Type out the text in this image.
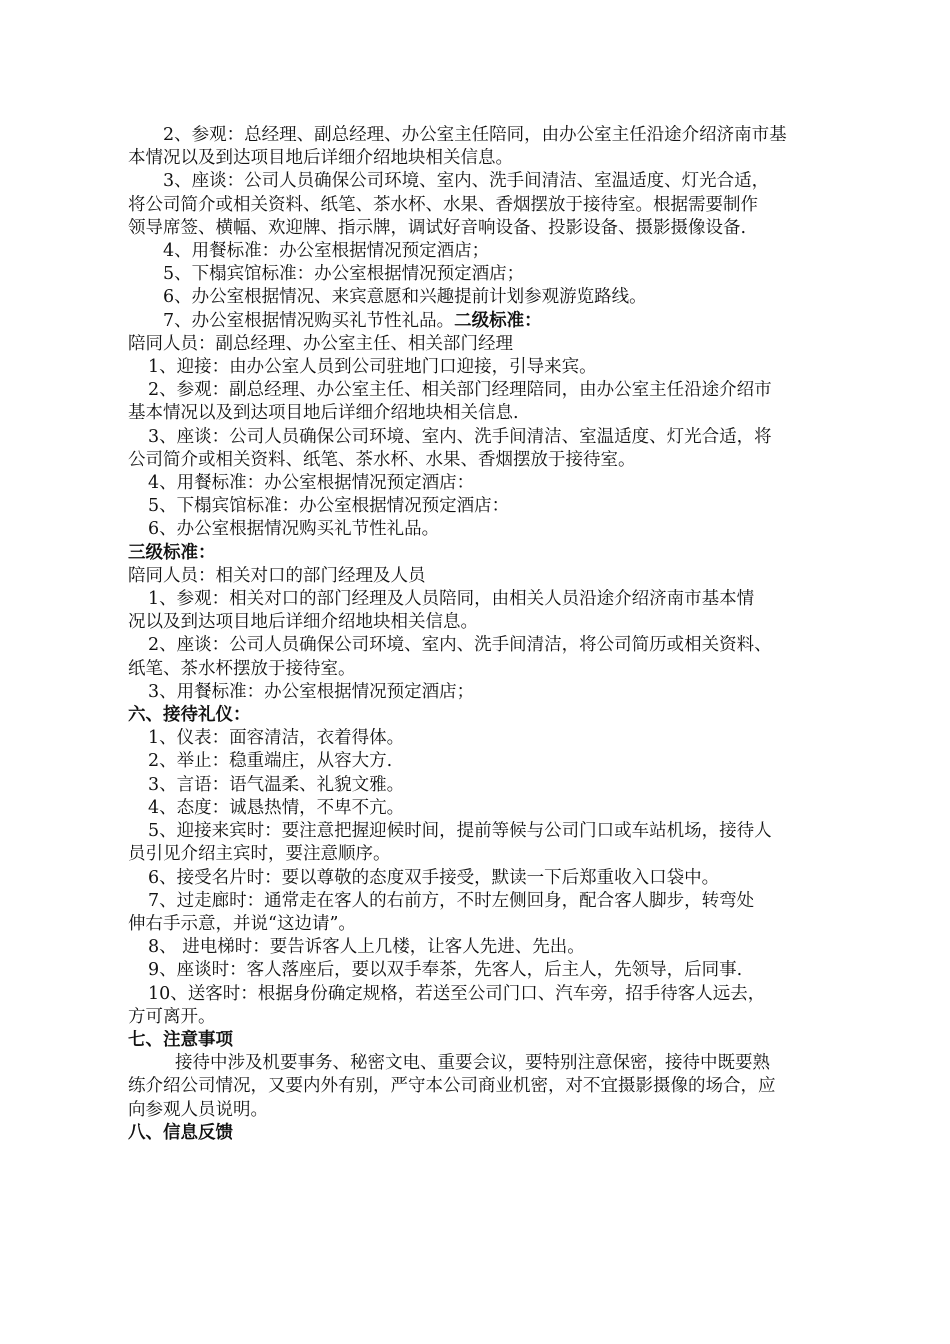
2、参观：总经理、副总经理、办公室主任陪同，由办公室主任沿途介绍济南市基
本情况以及到达项目地后详细介绍地块相关信息。
3、座谈：公司人员确保公司环境、室内、洗手间清洁、室温适度、灯光合适，
将公司简介或相关资料、纸笔、茶水杯、水果、香烟摆放于接待室。根据需要制作
领导席签、横幅、欢迎牌、指示牌，调试好音响设备、投影设备、摄影摄像设备.
4、用餐标准：办公室根据情况预定酒店；
5、下榻宾馆标准：办公室根据情况预定酒店；
6、办公室根据情况、来宾意愿和兴趣提前计划参观游览路线。
7、办公室根据情况购买礼节性礼品。二级标准：
陪同人员：副总经理、办公室主任、相关部门经理
1、迎接：由办公室人员到公司驻地门口迎接，引导来宾。
2、参观：副总经理、办公室主任、相关部门经理陪同，由办公室主任沿途介绍市
基本情况以及到达项目地后详细介绍地块相关信息.
3、座谈：公司人员确保公司环境、室内、洗手间清洁、室温适度、灯光合适，将
公司简介或相关资料、纸笔、茶水杯、水果、香烟摆放于接待室。
4、用餐标准：办公室根据情况预定酒店：
5、下榻宾馆标准：办公室根据情况预定酒店：
6、办公室根据情况购买礼节性礼品。
三级标准：
陪同人员：相关对口的部门经理及人员
1、参观：相关对口的部门经理及人员陪同，由相关人员沿途介绍济南市基本情
况以及到达项目地后详细介绍地块相关信息。
2、座谈：公司人员确保公司环境、室内、洗手间清洁，将公司简历或相关资料、
纸笔、茶水杯摆放于接待室。
3、用餐标准：办公室根据情况预定酒店；
六、接待礼仪：
1、仪表：面容清洁，衣着得体。
2、举止：稳重端庄，从容大方.
3、言语：语气温柔、礼貌文雅。
4、态度：诚恳热情，不卑不亢。
5、迎接来宾时：要注意把握迎候时间，提前等候与公司门口或车站机场，接待人
员引见介绍主宾时，要注意顺序。
6、接受名片时：要以尊敬的态度双手接受，默读一下后郑重收入口袋中。
7、过走廊时：通常走在客人的右前方，不时左侧回身，配合客人脚步，转弯处
伸右手示意，并说“这边请”。
8、 进电梯时：要告诉客人上几楼，让客人先进、先出。
9、座谈时：客人落座后，要以双手奉茶，先客人，后主人，先领导，后同事.
10、送客时：根据身份确定规格，若送至公司门口、汽车旁，招手待客人远去，
方可离开。
七、注意事项
接待中涉及机要事务、秘密文电、重要会议，要特别注意保密，接待中既要熟
练介绍公司情况，又要内外有别，严守本公司商业机密，对不宜摄影摄像的场合，应
向参观人员说明。
八、信息反馈
